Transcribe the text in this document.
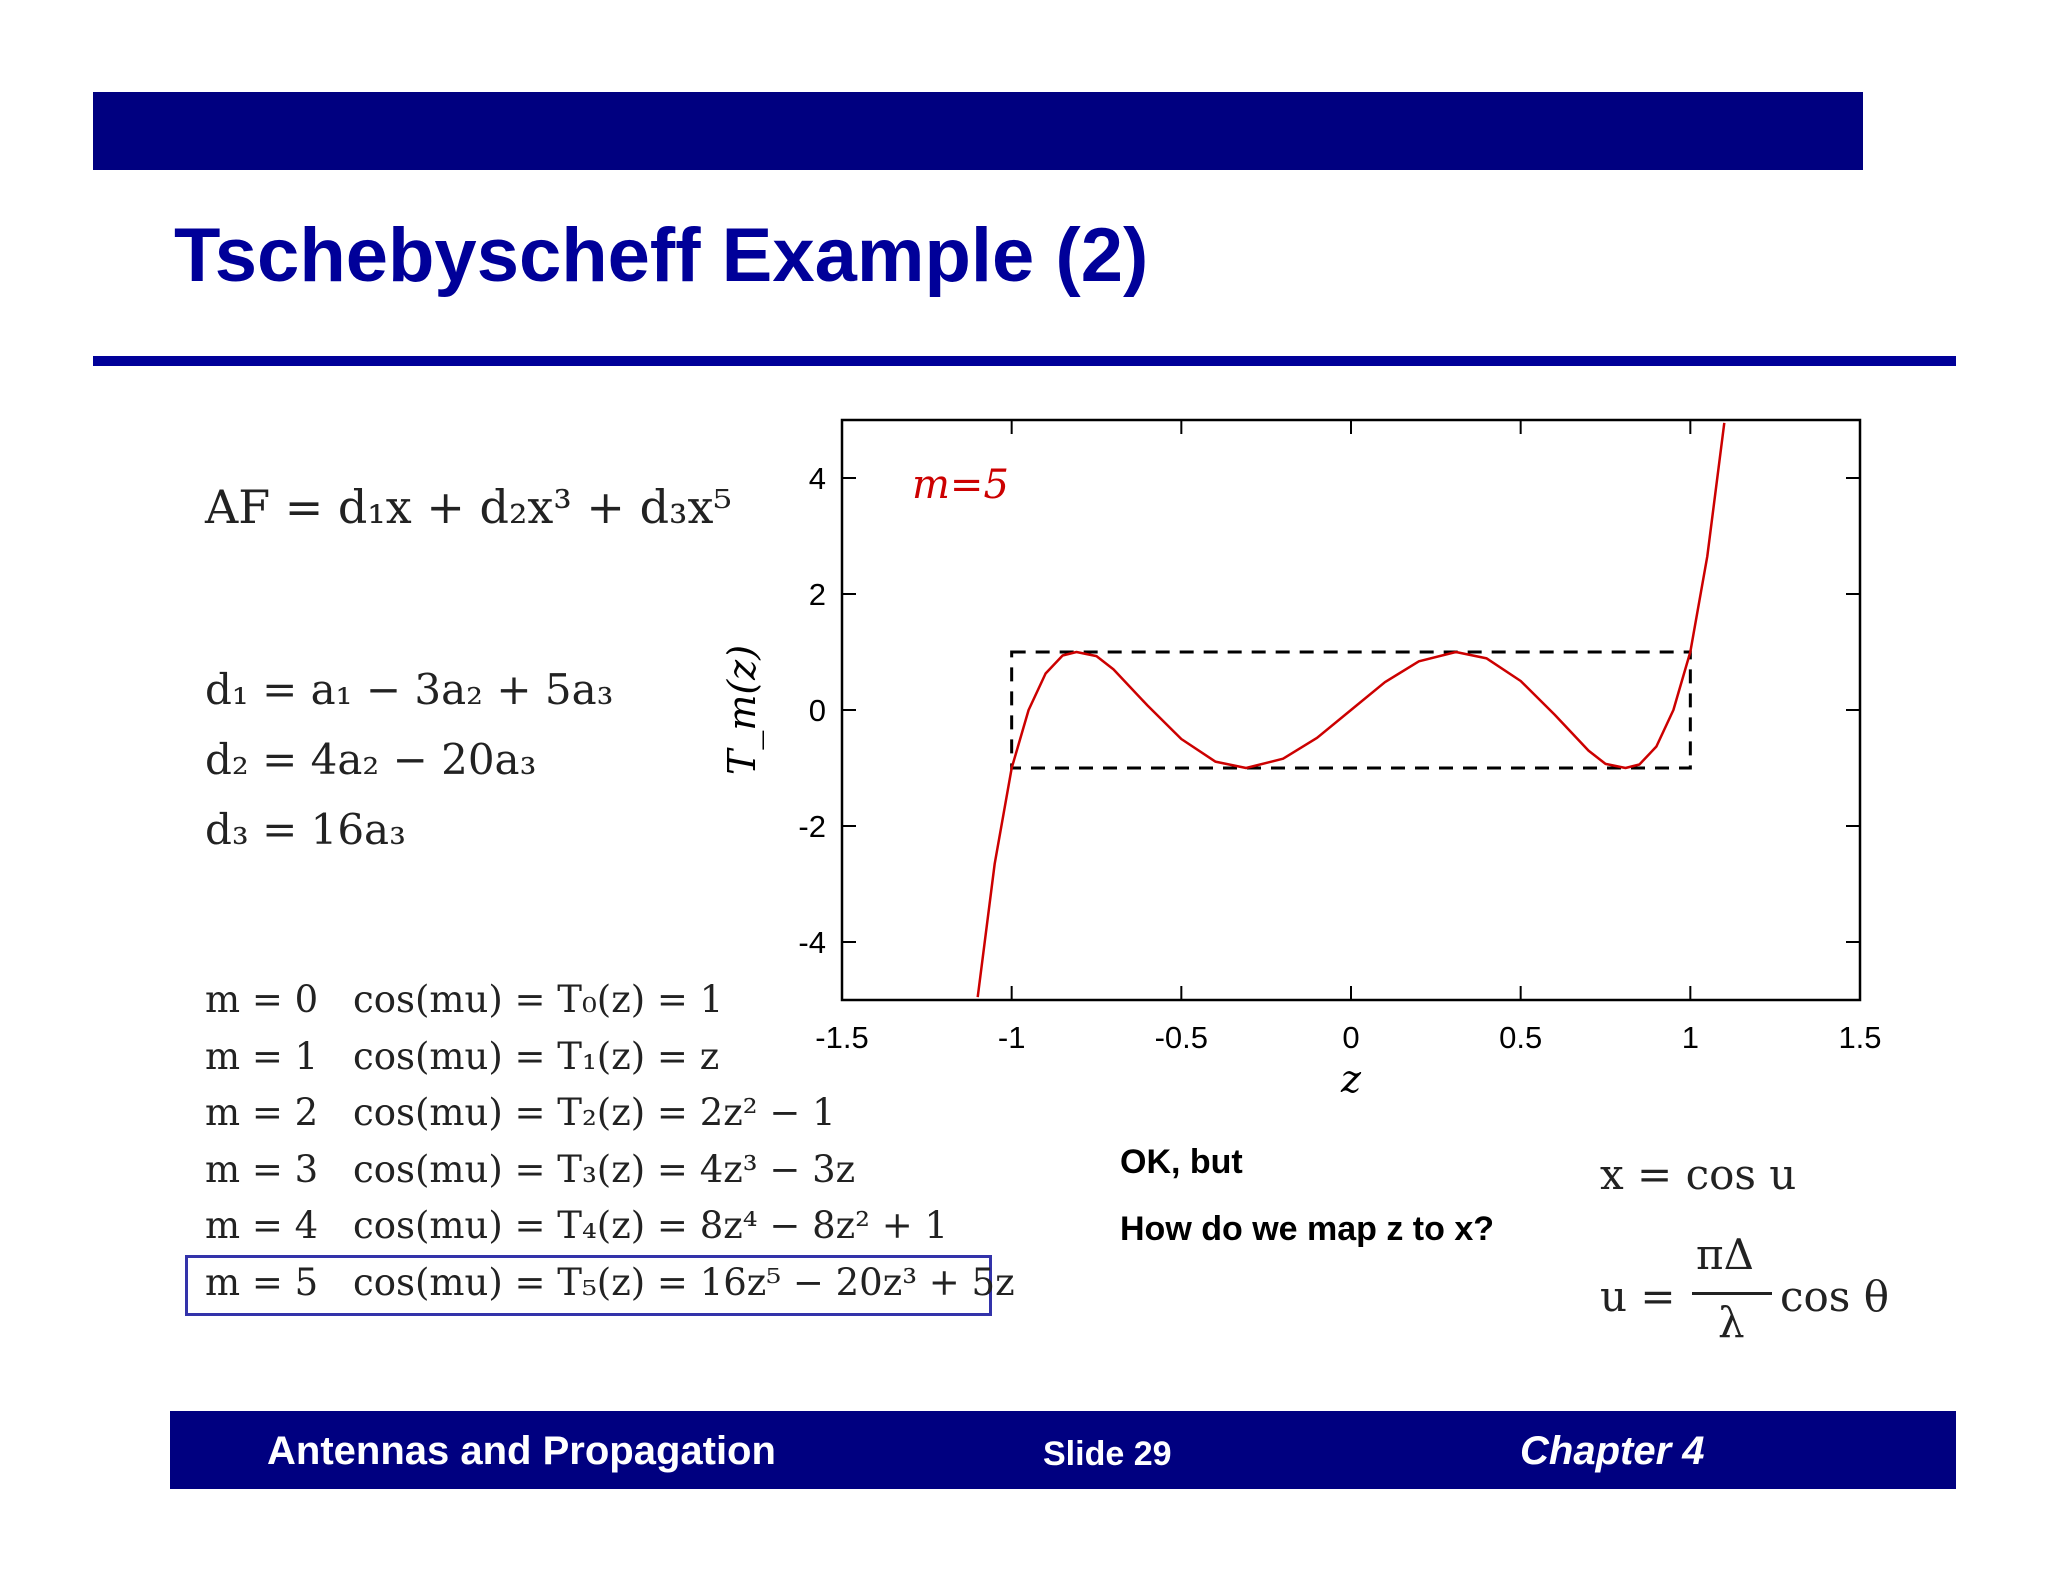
Tschebyscheff Example (2)
AF = d₁x + d₂x³ + d₃x⁵
d₁ = a₁ − 3a₂ + 5a₃
d₂ = 4a₂ − 20a₃
d₃ = 16a₃
m = 0 cos(mu) = T₀(z) = 1
m = 1 cos(mu) = T₁(z) = z
m = 2 cos(mu) = T₂(z) = 2z² − 1
m = 3 cos(mu) = T₃(z) = 4z³ − 3z
m = 4 cos(mu) = T₄(z) = 8z⁴ − 8z² + 1
m = 5 cos(mu) = T₅(z) = 16z⁵ − 20z³ + 5z
-1.5	-1	-0.5	0	0.5	1	1.5
-4
-2
0
2
4 m=5
z
T_m(z)
OK, but
How do we map z to x?
x = cos u
u =
πΔ
λ
cos θ
Antennas and Propagation	Slide 29	Chapter 4
